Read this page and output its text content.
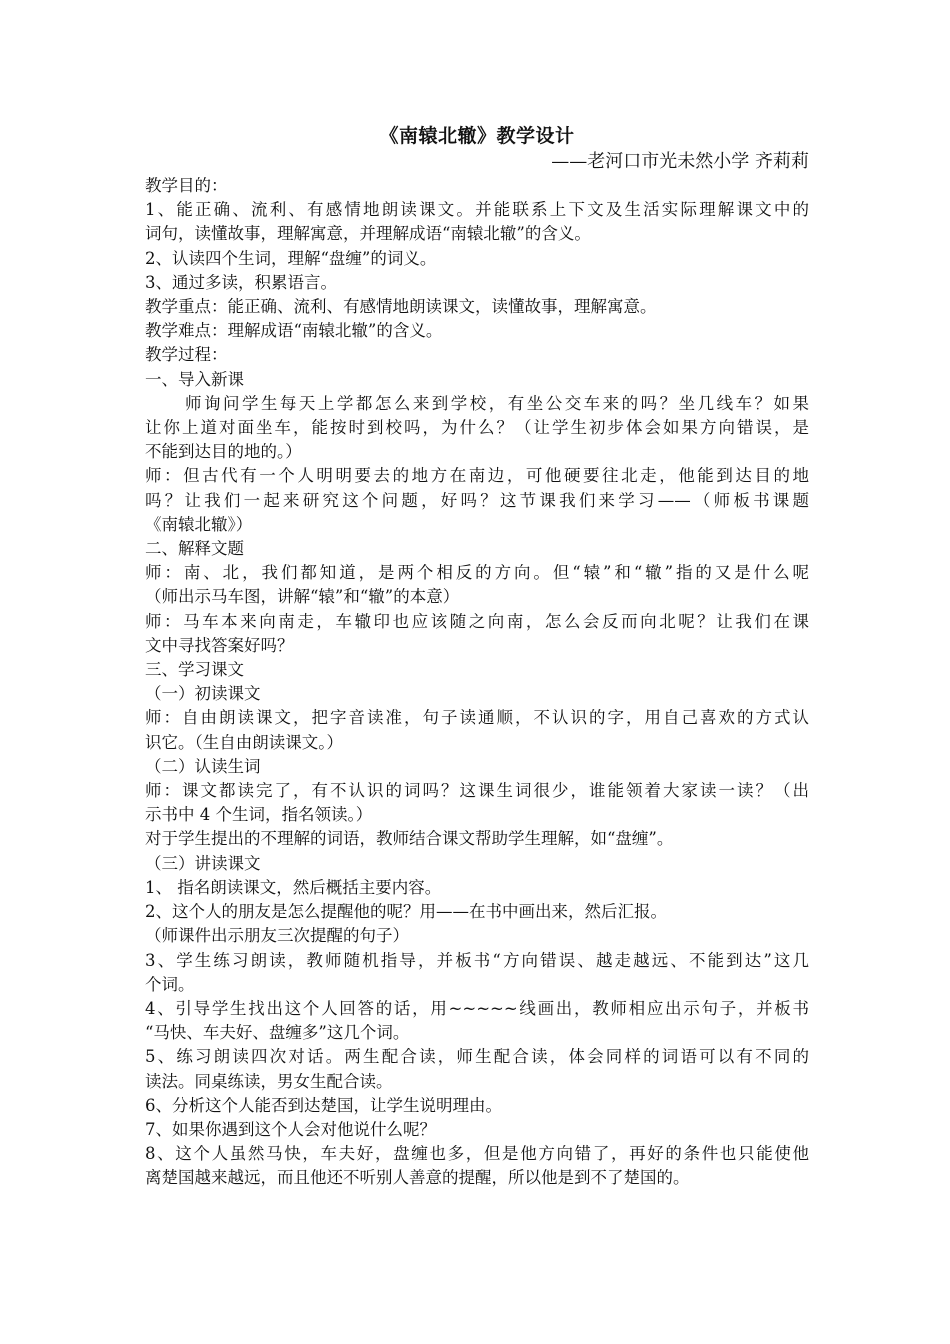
《南辕北辙》教学设计
——老河口市光未然小学 齐莉莉
教学目的：
1、能正确、流利、有感情地朗读课文。并能联系上下文及生活实际理解课文中的
词句，读懂故事，理解寓意，并理解成语“南辕北辙”的含义。
2、认读四个生词，理解“盘缠”的词义。
3、通过多读，积累语言。
教学重点：能正确、流利、有感情地朗读课文，读懂故事，理解寓意。
教学难点：理解成语“南辕北辙”的含义。
教学过程：
一、导入新课
师询问学生每天上学都怎么来到学校，有坐公交车来的吗？坐几线车？如果
让你上道对面坐车，能按时到校吗，为什么？（让学生初步体会如果方向错误，是
不能到达目的地的。）
师：但古代有一个人明明要去的地方在南边，可他硬要往北走，他能到达目的地
吗？让我们一起来研究这个问题，好吗？这节课我们来学习——（师板书课题
《南辕北辙》）
二、解释文题
师：南、北，我们都知道，是两个相反的方向。但“辕”和“辙”指的又是什么呢
（师出示马车图，讲解“辕”和“辙”的本意）
师：马车本来向南走，车辙印也应该随之向南，怎么会反而向北呢？让我们在课
文中寻找答案好吗？
三、学习课文
（一）初读课文
师：自由朗读课文，把字音读准，句子读通顺，不认识的字，用自己喜欢的方式认
识它。（生自由朗读课文。）
（二）认读生词
师：课文都读完了，有不认识的词吗？这课生词很少，谁能领着大家读一读？（出
示书中 4 个生词，指名领读。）
对于学生提出的不理解的词语，教师结合课文帮助学生理解，如“盘缠”。
（三）讲读课文
1、 指名朗读课文，然后概括主要内容。
2、这个人的朋友是怎么提醒他的呢？用——在书中画出来，然后汇报。
（师课件出示朋友三次提醒的句子）
3、学生练习朗读，教师随机指导，并板书“方向错误、越走越远、不能到达”这几
个词。
4、引导学生找出这个人回答的话，用~~~~~线画出，教师相应出示句子，并板书
“马快、车夫好、盘缠多”这几个词。
5、练习朗读四次对话。两生配合读，师生配合读，体会同样的词语可以有不同的
读法。同桌练读，男女生配合读。
6、分析这个人能否到达楚国，让学生说明理由。
7、如果你遇到这个人会对他说什么呢？
8、这个人虽然马快，车夫好，盘缠也多，但是他方向错了，再好的条件也只能使他
离楚国越来越远，而且他还不听别人善意的提醒，所以他是到不了楚国的。
